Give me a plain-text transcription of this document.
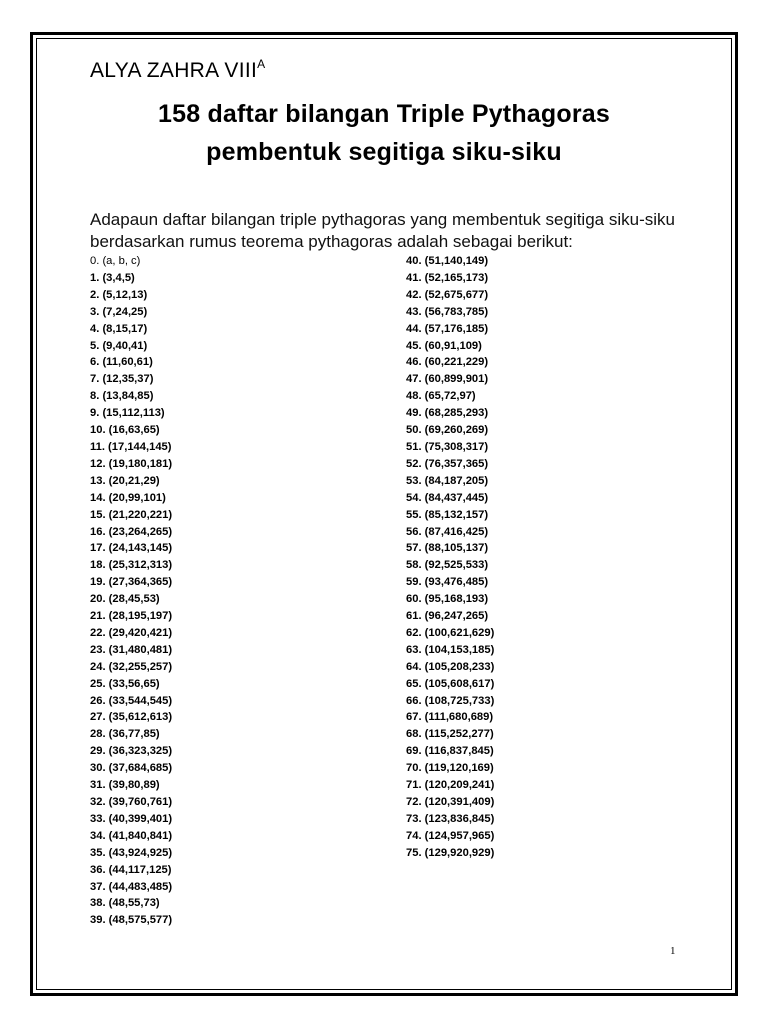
ALYA ZAHRA $VIII^A$
158 daftar bilangan Triple Pythagoras
pembentuk segitiga siku-siku
Adapaun daftar bilangan triple pythagoras yang membentuk segitiga siku-siku berdasarkan rumus teorema pythagoras adalah sebagai berikut:
0. (a, b, c)
1. (3,4,5)
2. (5,12,13)
3. (7,24,25)
4. (8,15,17)
5. (9,40,41)
6. (11,60,61)
7. (12,35,37)
8. (13,84,85)
9. (15,112,113)
10. (16,63,65)
11. (17,144,145)
12. (19,180,181)
13. (20,21,29)
14. (20,99,101)
15. (21,220,221)
16. (23,264,265)
17. (24,143,145)
18. (25,312,313)
19. (27,364,365)
20. (28,45,53)
21. (28,195,197)
22. (29,420,421)
23. (31,480,481)
24. (32,255,257)
25. (33,56,65)
26. (33,544,545)
27. (35,612,613)
28. (36,77,85)
29. (36,323,325)
30. (37,684,685)
31. (39,80,89)
32. (39,760,761)
33. (40,399,401)
34. (41,840,841)
35. (43,924,925)
36. (44,117,125)
37. (44,483,485)
38. (48,55,73)
39. (48,575,577)
40. (51,140,149)
41. (52,165,173)
42. (52,675,677)
43. (56,783,785)
44. (57,176,185)
45. (60,91,109)
46. (60,221,229)
47. (60,899,901)
48. (65,72,97)
49. (68,285,293)
50. (69,260,269)
51. (75,308,317)
52. (76,357,365)
53. (84,187,205)
54. (84,437,445)
55. (85,132,157)
56. (87,416,425)
57. (88,105,137)
58. (92,525,533)
59. (93,476,485)
60. (95,168,193)
61. (96,247,265)
62. (100,621,629)
63. (104,153,185)
64. (105,208,233)
65. (105,608,617)
66. (108,725,733)
67. (111,680,689)
68. (115,252,277)
69. (116,837,845)
70. (119,120,169)
71. (120,209,241)
72. (120,391,409)
73. (123,836,845)
74. (124,957,965)
75. (129,920,929)
1
